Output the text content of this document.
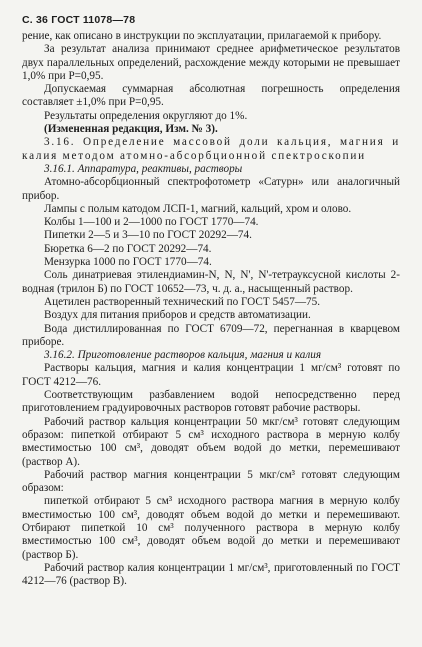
С. 36 ГОСТ 11078—78

рение, как описано в инструкции по эксплуатации, прилагаемой к прибору.

За результат анализа принимают среднее арифметическое результатов двух параллельных определений, расхождение между которыми не превышает 1,0% при P=0,95.

Допускаемая суммарная абсолютная погрешность определения составляет ±1,0% при P=0,95.

Результаты определения округляют до 1%.

(Измененная редакция, Изм. № 3).

3.16. Определение массовой доли кальция, магния и калия методом атомно-абсорбционной спектроскопии

3.16.1. Аппаратура, реактивы, растворы

Атомно-абсорбционный спектрофотометр «Сатурн» или аналогичный прибор.

Лампы с полым катодом ЛСП-1, магний, кальций, хром и олово.

Колбы 1—100 и 2—1000 по ГОСТ 1770—74.

Пипетки 2—5 и 3—10 по ГОСТ 20292—74.

Бюретка 6—2 по ГОСТ 20292—74.

Мензурка 1000 по ГОСТ 1770—74.

Соль динатриевая этилендиамин-N, N, N', N'-тетрауксусной кислоты 2-водная (трилон Б) по ГОСТ 10652—73, ч. д. а., насыщенный раствор.

Ацетилен растворенный технический по ГОСТ 5457—75.

Воздух для питания приборов и средств автоматизации.

Вода дистиллированная по ГОСТ 6709—72, перегнанная в кварцевом приборе.

3.16.2. Приготовление растворов кальция, магния и калия

Растворы кальция, магния и калия концентрации 1 мг/см³ готовят по ГОСТ 4212—76.

Соответствующим разбавлением водой непосредственно перед приготовлением градуировочных растворов готовят рабочие растворы.

Рабочий раствор кальция концентрации 50 мкг/см³ готовят следующим образом: пипеткой отбирают 5 см³ исходного раствора в мерную колбу вместимостью 100 см³, доводят объем водой до метки, перемешивают (раствор А).

Рабочий раствор магния концентрации 5 мкг/см³ готовят следующим образом:

пипеткой отбирают 5 см³ исходного раствора магния в мерную колбу вместимостью 100 см³, доводят объем водой до метки и перемешивают. Отбирают пипеткой 10 см³ полученного раствора в мерную колбу вместимостью 100 см³, доводят объем водой до метки и перемешивают (раствор Б).

Рабочий раствор калия концентрации 1 мг/см³, приготовленный по ГОСТ 4212—76 (раствор В).
